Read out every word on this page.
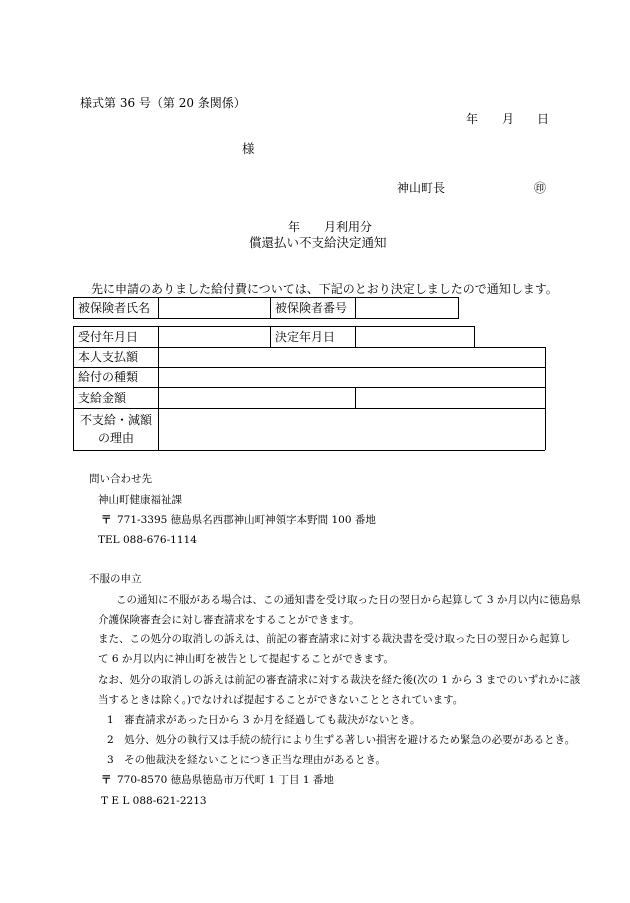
様式第 36 号（第 20 条関係）
年 月 日
様
神山町長	㊞
年　　月利用分
償還払い不支給決定通知
先に申請のありました給付費については、下記のとおり決定しましたので通知します。
被保険者氏名	被保険者番号
受付年月日	決定年月日
本人支払額
給付の種類
支給金額
不支給・減額
の理由
問い合わせ先
神山町健康福祉課
〒 771-3395 徳島県名西郡神山町神領字本野間 100 番地
TEL 088-676-1114
不服の申立
この通知に不服がある場合は、この通知書を受け取った日の翌日から起算して 3 か月以内に徳島県
介護保険審査会に対し審査請求をすることができます。
また、この処分の取消しの訴えは、前記の審査請求に対する裁決書を受け取った日の翌日から起算し
て 6 か月以内に神山町を被告として提起することができます。
なお、処分の取消しの訴えは前記の審査請求に対する裁決を経た後(次の 1 から 3 までのいずれかに該
当するときは除く。)でなければ提起することができないこととされています。
1　審査請求があった日から 3 か月を経過しても裁決がないとき。
2　処分、処分の執行又は手続の続行により生ずる著しい損害を避けるため緊急の必要があるとき。
3　その他裁決を経ないことにつき正当な理由があるとき。
〒 770-8570 徳島県徳島市万代町 1 丁目 1 番地
T E L 088-621-2213
